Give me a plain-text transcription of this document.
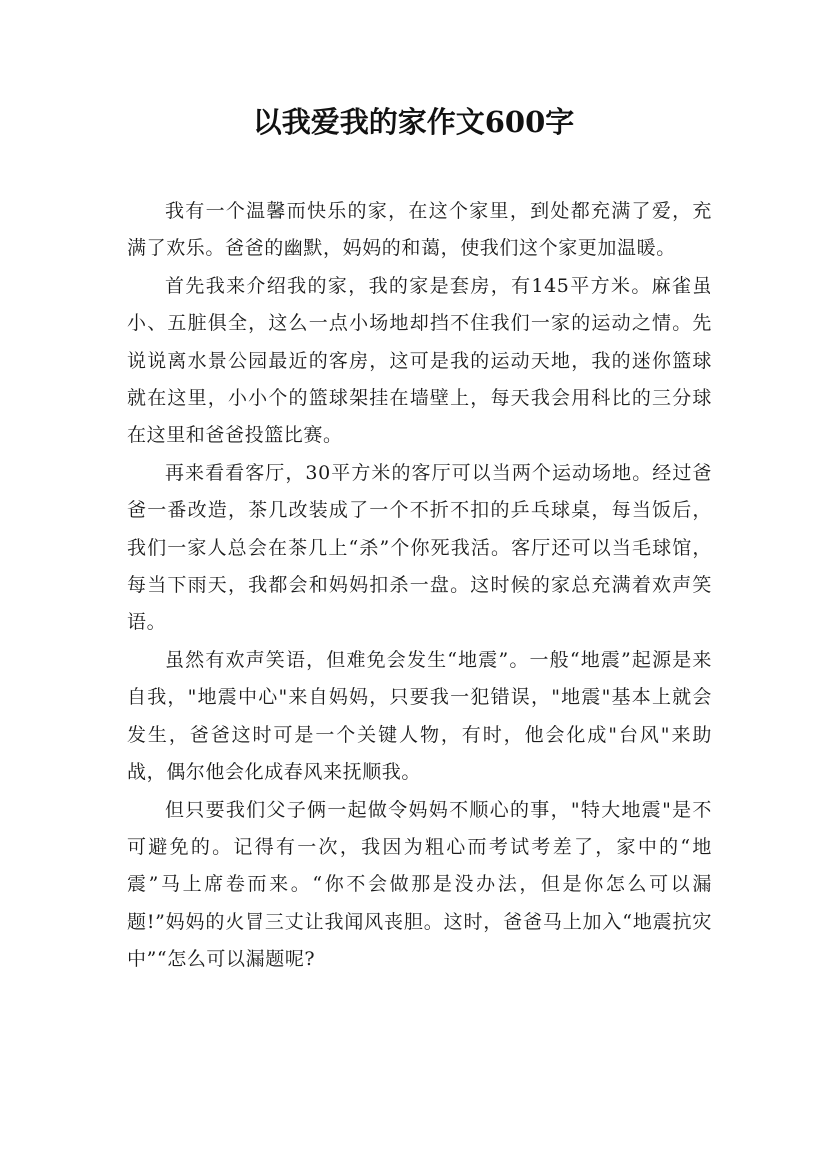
以我爱我的家作文600字

我有一个温馨而快乐的家，在这个家里，到处都充满了爱，充满了欢乐。爸爸的幽默，妈妈的和蔼，使我们这个家更加温暖。

首先我来介绍我的家，我的家是套房，有145平方米。麻雀虽小、五脏俱全，这么一点小场地却挡不住我们一家的运动之情。先说说离水景公园最近的客房，这可是我的运动天地，我的迷你篮球就在这里，小小个的篮球架挂在墙壁上，每天我会用科比的三分球在这里和爸爸投篮比赛。

再来看看客厅，30平方米的客厅可以当两个运动场地。经过爸爸一番改造，茶几改装成了一个不折不扣的乒乓球桌，每当饭后，我们一家人总会在茶几上“杀”个你死我活。客厅还可以当毛球馆，每当下雨天，我都会和妈妈扣杀一盘。这时候的家总充满着欢声笑语。

虽然有欢声笑语，但难免会发生“地震”。一般“地震”起源是来自我，"地震中心"来自妈妈，只要我一犯错误，"地震"基本上就会发生，爸爸这时可是一个关键人物，有时，他会化成"台风"来助战，偶尔他会化成春风来抚顺我。

但只要我们父子俩一起做令妈妈不顺心的事，"特大地震"是不可避免的。记得有一次，我因为粗心而考试考差了，家中的“地震”马上席卷而来。“你不会做那是没办法，但是你怎么可以漏题!”妈妈的火冒三丈让我闻风丧胆。这时，爸爸马上加入“地震抗灾中”“怎么可以漏题呢?
